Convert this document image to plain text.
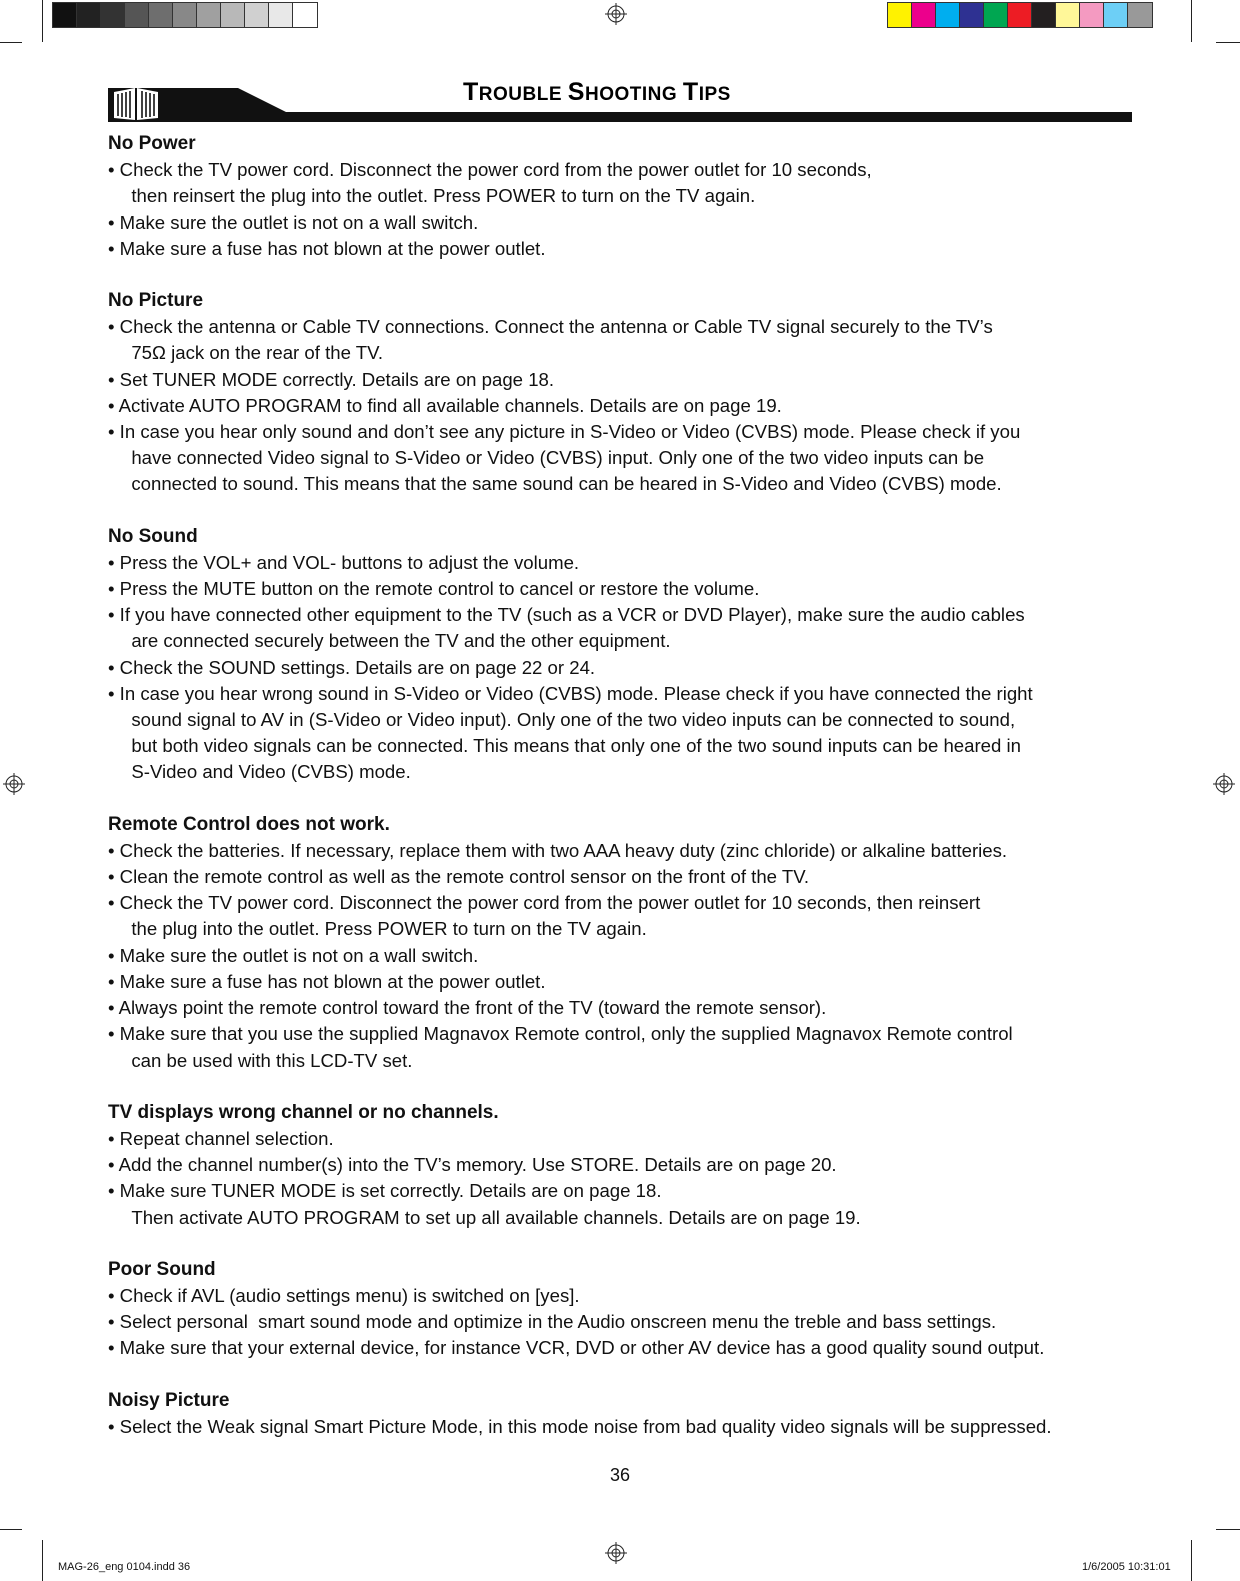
TROUBLE SHOOTING TIPS
No Power
• Check the TV power cord. Disconnect the power cord from the power outlet for 10 seconds,
then reinsert the plug into the outlet. Press POWER to turn on the TV again.
• Make sure the outlet is not on a wall switch.
• Make sure a fuse has not blown at the power outlet.
No Picture
• Check the antenna or Cable TV connections. Connect the antenna or Cable TV signal securely to the TV’s
75Ω jack on the rear of the TV.
• Set TUNER MODE correctly. Details are on page 18.
• Activate AUTO PROGRAM to find all available channels. Details are on page 19.
• In case you hear only sound and don’t see any picture in S-Video or Video (CVBS) mode. Please check if you
have connected Video signal to S-Video or Video (CVBS) input. Only one of the two video inputs can be
connected to sound. This means that the same sound can be heared in S-Video and Video (CVBS) mode.
No Sound
• Press the VOL+ and VOL- buttons to adjust the volume.
• Press the MUTE button on the remote control to cancel or restore the volume.
• If you have connected other equipment to the TV (such as a VCR or DVD Player), make sure the audio cables
are connected securely between the TV and the other equipment.
• Check the SOUND settings. Details are on page 22 or 24.
• In case you hear wrong sound in S-Video or Video (CVBS) mode. Please check if you have connected the right
sound signal to AV in (S-Video or Video input). Only one of the two video inputs can be connected to sound,
but both video signals can be connected. This means that only one of the two sound inputs can be heared in
S-Video and Video (CVBS) mode.
Remote Control does not work.
• Check the batteries. If necessary, replace them with two AAA heavy duty (zinc chloride) or alkaline batteries.
• Clean the remote control as well as the remote control sensor on the front of the TV.
• Check the TV power cord. Disconnect the power cord from the power outlet for 10 seconds, then reinsert
the plug into the outlet. Press POWER to turn on the TV again.
• Make sure the outlet is not on a wall switch.
• Make sure a fuse has not blown at the power outlet.
• Always point the remote control toward the front of the TV (toward the remote sensor).
• Make sure that you use the supplied Magnavox Remote control, only the supplied Magnavox Remote control
can be used with this LCD-TV set.
TV displays wrong channel or no channels.
• Repeat channel selection.
• Add the channel number(s) into the TV’s memory. Use STORE. Details are on page 20.
• Make sure TUNER MODE is set correctly. Details are on page 18.
Then activate AUTO PROGRAM to set up all available channels. Details are on page 19.
Poor Sound
• Check if AVL (audio settings menu) is switched on [yes].
• Select personal  smart sound mode and optimize in the Audio onscreen menu the treble and bass settings.
• Make sure that your external device, for instance VCR, DVD or other AV device has a good quality sound output.
Noisy Picture
• Select the Weak signal Smart Picture Mode, in this mode noise from bad quality video signals will be suppressed.
36
MAG-26_eng 0104.indd 36	1/6/2005 10:31:01
